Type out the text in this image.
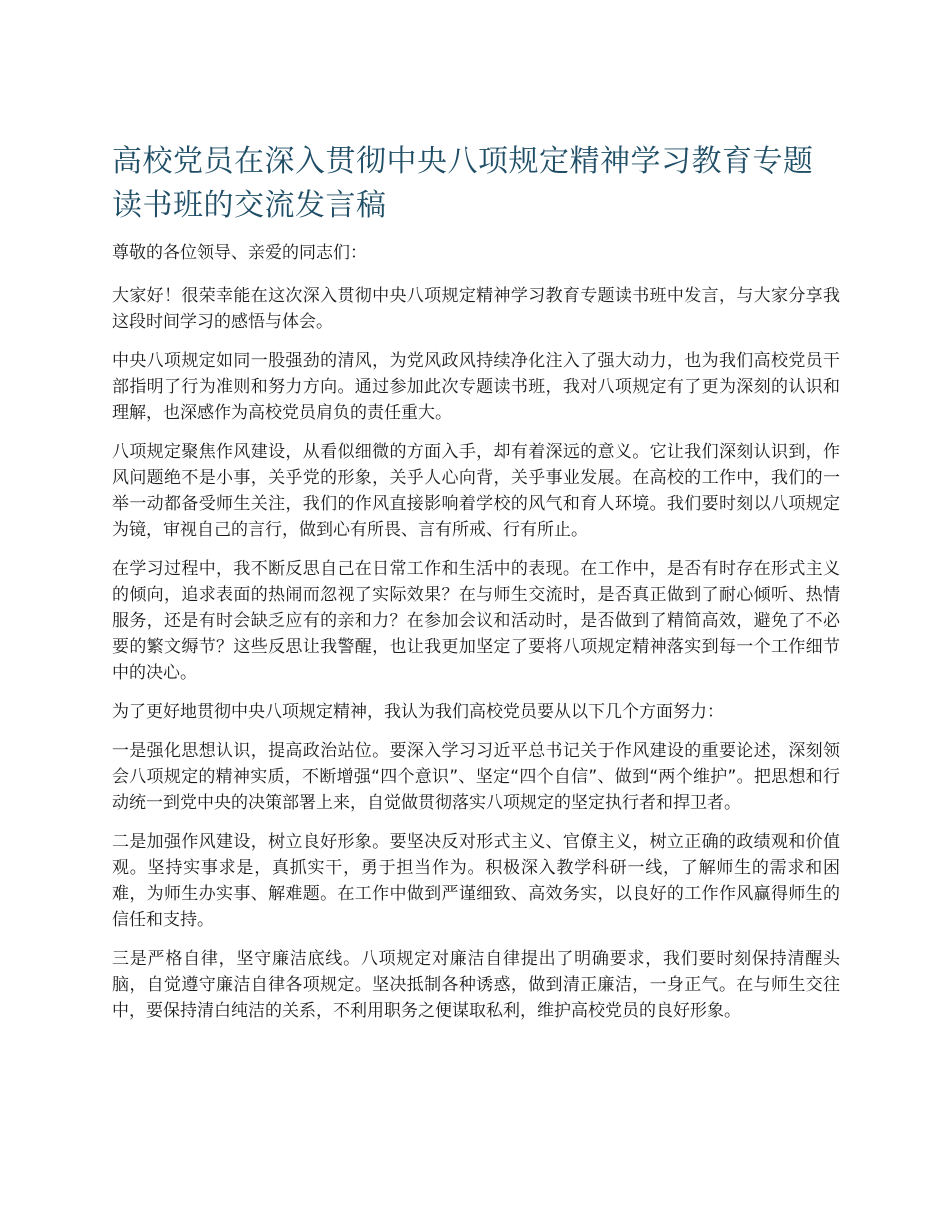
高校党员在深入贯彻中央八项规定精神学习教育专题读书班的交流发言稿

尊敬的各位领导、亲爱的同志们：

大家好！很荣幸能在这次深入贯彻中央八项规定精神学习教育专题读书班中发言，与大家分享我这段时间学习的感悟与体会。

中央八项规定如同一股强劲的清风，为党风政风持续净化注入了强大动力，也为我们高校党员干部指明了行为准则和努力方向。通过参加此次专题读书班，我对八项规定有了更为深刻的认识和理解，也深感作为高校党员肩负的责任重大。

八项规定聚焦作风建设，从看似细微的方面入手，却有着深远的意义。它让我们深刻认识到，作风问题绝不是小事，关乎党的形象，关乎人心向背，关乎事业发展。在高校的工作中，我们的一举一动都备受师生关注，我们的作风直接影响着学校的风气和育人环境。我们要时刻以八项规定为镜，审视自己的言行，做到心有所畏、言有所戒、行有所止。

在学习过程中，我不断反思自己在日常工作和生活中的表现。在工作中，是否有时存在形式主义的倾向，追求表面的热闹而忽视了实际效果？在与师生交流时，是否真正做到了耐心倾听、热情服务，还是有时会缺乏应有的亲和力？在参加会议和活动时，是否做到了精简高效，避免了不必要的繁文缛节？这些反思让我警醒，也让我更加坚定了要将八项规定精神落实到每一个工作细节中的决心。

为了更好地贯彻中央八项规定精神，我认为我们高校党员要从以下几个方面努力：

一是强化思想认识，提高政治站位。要深入学习习近平总书记关于作风建设的重要论述，深刻领会八项规定的精神实质，不断增强“四个意识”、坚定“四个自信”、做到“两个维护”。把思想和行动统一到党中央的决策部署上来，自觉做贯彻落实八项规定的坚定执行者和捍卫者。

二是加强作风建设，树立良好形象。要坚决反对形式主义、官僚主义，树立正确的政绩观和价值观。坚持实事求是，真抓实干，勇于担当作为。积极深入教学科研一线，了解师生的需求和困难，为师生办实事、解难题。在工作中做到严谨细致、高效务实，以良好的工作作风赢得师生的信任和支持。

三是严格自律，坚守廉洁底线。八项规定对廉洁自律提出了明确要求，我们要时刻保持清醒头脑，自觉遵守廉洁自律各项规定。坚决抵制各种诱惑，做到清正廉洁，一身正气。在与师生交往中，要保持清白纯洁的关系，不利用职务之便谋取私利，维护高校党员的良好形象。
